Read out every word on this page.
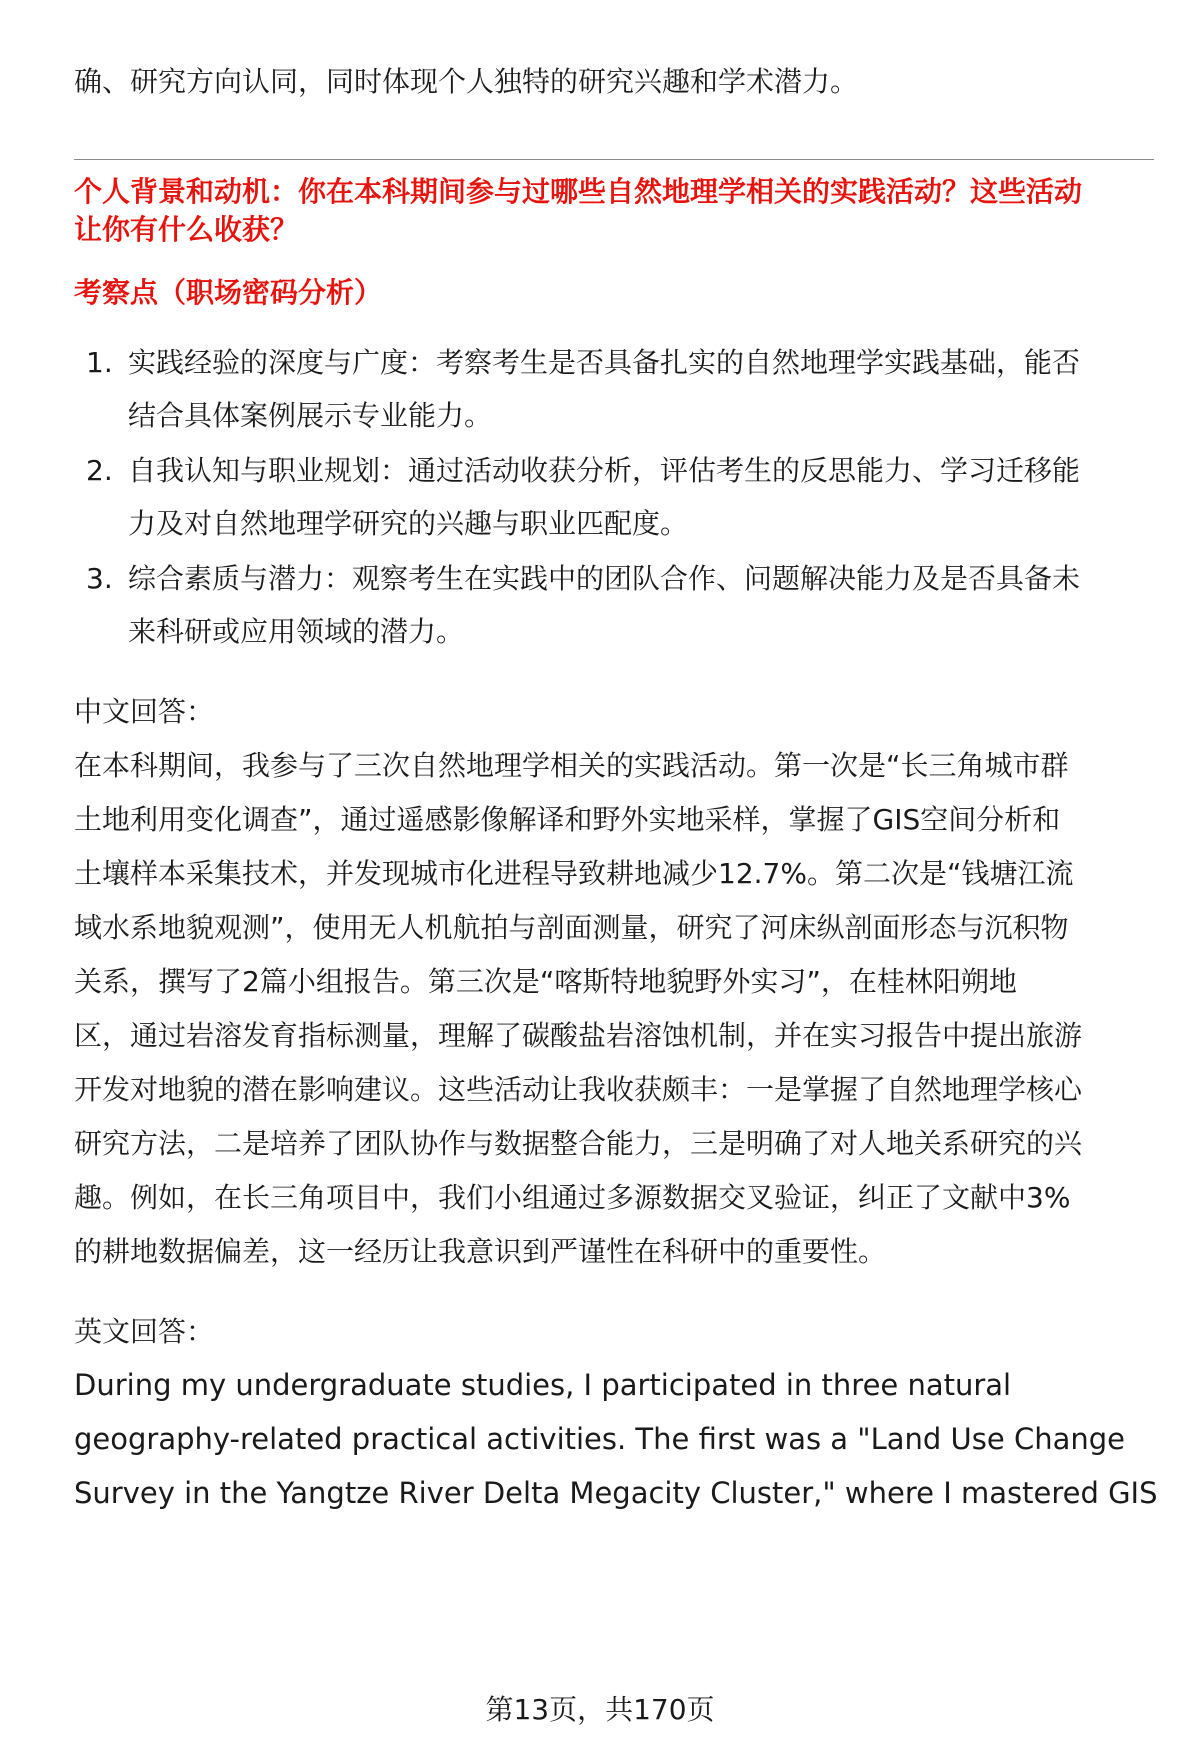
确、研究方向认同，同时体现个人独特的研究兴趣和学术潜力。
个人背景和动机：你在本科期间参与过哪些自然地理学相关的实践活动？这些活动
让你有什么收获？
考察点（职场密码分析）
1. 实践经验的深度与广度：考察考生是否具备扎实的自然地理学实践基础，能否
结合具体案例展示专业能力。
2. 自我认知与职业规划：通过活动收获分析，评估考生的反思能力、学习迁移能
力及对自然地理学研究的兴趣与职业匹配度。
3. 综合素质与潜力：观察考生在实践中的团队合作、问题解决能力及是否具备未
来科研或应用领域的潜力。
中文回答：
在本科期间，我参与了三次自然地理学相关的实践活动。第一次是“长三角城市群
土地利用变化调查”，通过遥感影像解译和野外实地采样，掌握了GIS空间分析和
土壤样本采集技术，并发现城市化进程导致耕地减少12.7%。第二次是“钱塘江流
域水系地貌观测”，使用无人机航拍与剖面测量，研究了河床纵剖面形态与沉积物
关系，撰写了2篇小组报告。第三次是“喀斯特地貌野外实习”，在桂林阳朔地
区，通过岩溶发育指标测量，理解了碳酸盐岩溶蚀机制，并在实习报告中提出旅游
开发对地貌的潜在影响建议。这些活动让我收获颇丰：一是掌握了自然地理学核心
研究方法，二是培养了团队协作与数据整合能力，三是明确了对人地关系研究的兴
趣。例如，在长三角项目中，我们小组通过多源数据交叉验证，纠正了文献中3%
的耕地数据偏差，这一经历让我意识到严谨性在科研中的重要性。
英文回答：
During my undergraduate studies, I participated in three natural
geography-related practical activities. The first was a "Land Use Change
Survey in the Yangtze River Delta Megacity Cluster," where I mastered GIS
第13页，共170页
